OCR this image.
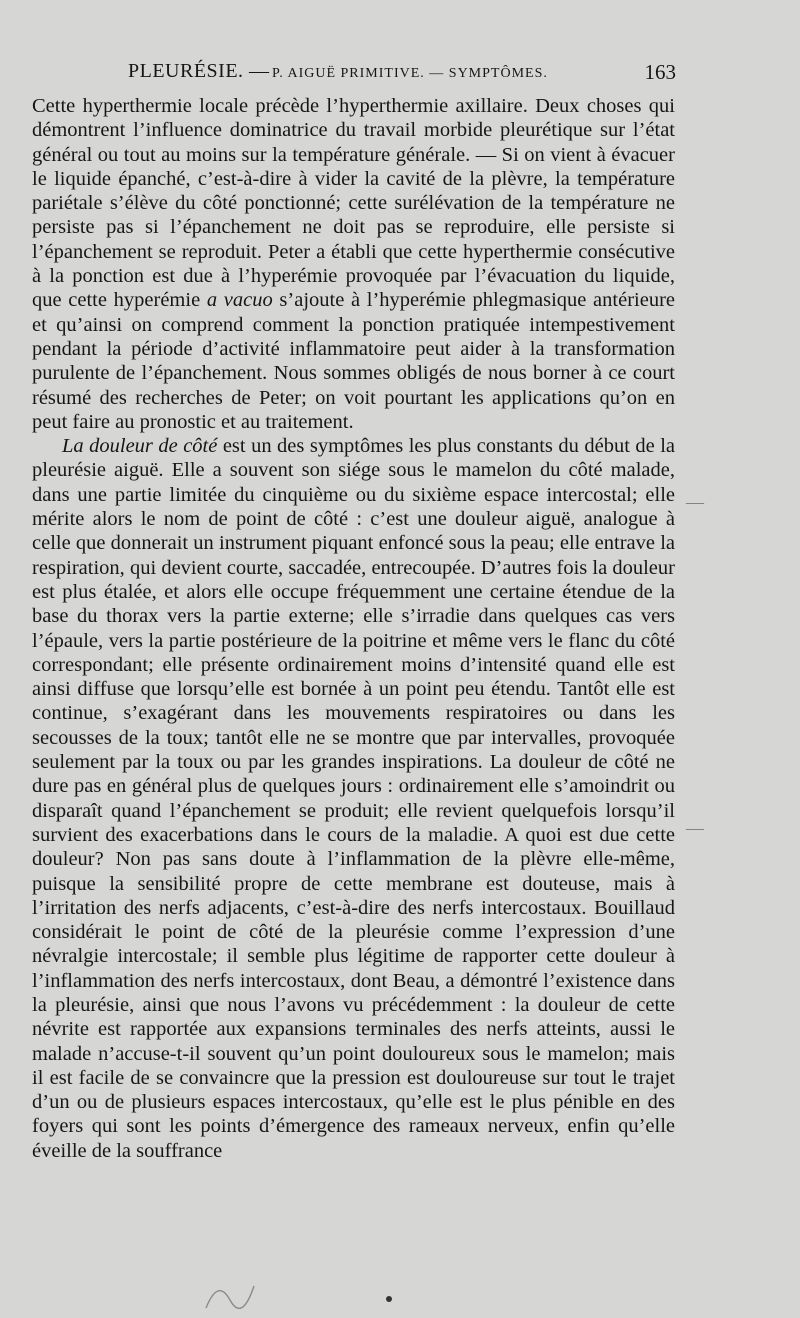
PLEURÉSIE. — P. AIGUË PRIMITIVE. — SYMPTÔMES.	163

Cette hyperthermie locale précède l’hyperthermie axillaire. Deux choses qui démontrent l’influence dominatrice du travail morbide pleurétique sur l’état général ou tout au moins sur la température générale. — Si on vient à évacuer le liquide épanché, c’est-à-dire à vider la cavité de la plèvre, la température pariétale s’élève du côté ponctionné; cette surélévation de la température ne persiste pas si l’épanchement ne doit pas se reproduire, elle persiste si l’épanchement se reproduit. Peter a établi que cette hyperthermie consécutive à la ponction est due à l’hyperémie provoquée par l’évacuation du liquide, que cette hyperémie a vacuo s’ajoute à l’hyperémie phlegmasique antérieure et qu’ainsi on comprend comment la ponction pratiquée intempestivement pendant la période d’activité inflammatoire peut aider à la transformation purulente de l’épanchement. Nous sommes obligés de nous borner à ce court résumé des recherches de Peter; on voit pourtant les applications qu’on en peut faire au pronostic et au traitement.

La douleur de côté est un des symptômes les plus constants du début de la pleurésie aiguë. Elle a souvent son siége sous le mamelon du côté malade, dans une partie limitée du cinquième ou du sixième espace intercostal; elle mérite alors le nom de point de côté : c’est une douleur aiguë, analogue à celle que donnerait un instrument piquant enfoncé sous la peau; elle entrave la respiration, qui devient courte, saccadée, entrecoupée. D’autres fois la douleur est plus étalée, et alors elle occupe fréquemment une certaine étendue de la base du thorax vers la partie externe; elle s’irradie dans quelques cas vers l’épaule, vers la partie postérieure de la poitrine et même vers le flanc du côté correspondant; elle présente ordinairement moins d’intensité quand elle est ainsi diffuse que lorsqu’elle est bornée à un point peu étendu. Tantôt elle est continue, s’exagérant dans les mouvements respiratoires ou dans les secousses de la toux; tantôt elle ne se montre que par intervalles, provoquée seulement par la toux ou par les grandes inspirations. La douleur de côté ne dure pas en général plus de quelques jours : ordinairement elle s’amoindrit ou disparaît quand l’épanchement se produit; elle revient quelquefois lorsqu’il survient des exacerbations dans le cours de la maladie. A quoi est due cette douleur? Non pas sans doute à l’inflammation de la plèvre elle-même, puisque la sensibilité propre de cette membrane est douteuse, mais à l’irritation des nerfs adjacents, c’est-à-dire des nerfs intercostaux. Bouillaud considérait le point de côté de la pleurésie comme l’expression d’une névralgie intercostale; il semble plus légitime de rapporter cette douleur à l’inflammation des nerfs intercostaux, dont Beau, a démontré l’existence dans la pleurésie, ainsi que nous l’avons vu précédemment : la douleur de cette névrite est rapportée aux expansions terminales des nerfs atteints, aussi le malade n’accuse-t-il souvent qu’un point douloureux sous le mamelon; mais il est facile de se convaincre que la pression est douloureuse sur tout le trajet d’un ou de plusieurs espaces intercostaux, qu’elle est le plus pénible en des foyers qui sont les points d’émergence des rameaux nerveux, enfin qu’elle éveille de la souffrance

—
—
